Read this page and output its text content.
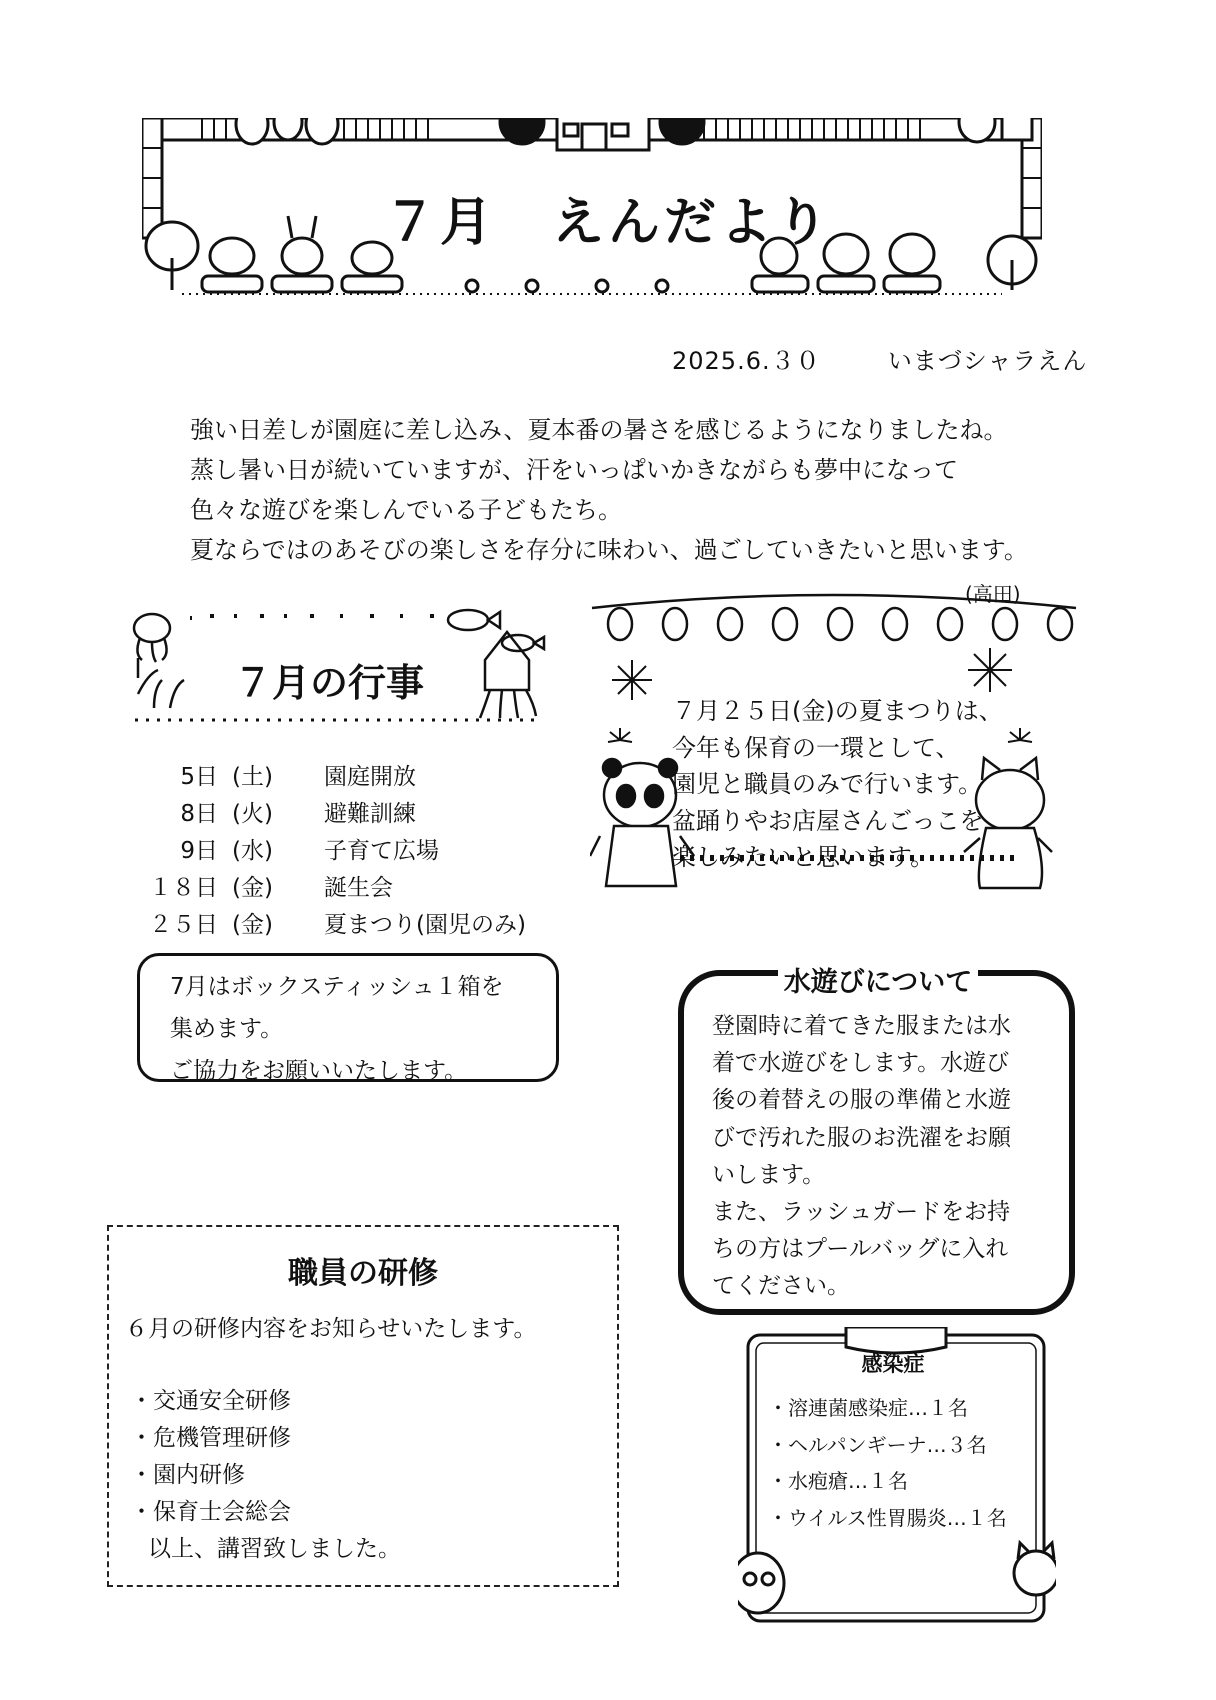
７月　えんだより
2025.6.３０　　	いまづシャラえん
強い日差しが園庭に差し込み、夏本番の暑さを感じるようになりましたね。
蒸し暑い日が続いていますが、汗をいっぱいかきながらも夢中になって
色々な遊びを楽しんでいる子どもたち。
夏ならではのあそびの楽しさを存分に味わい、過ごしていきたいと思います。
(高田)
７月の行事
5日 (土)	園庭開放
8日 (火)	避難訓練
9日 (水)	子育て広場
１８日 (金)	誕生会
２５日 (金)	夏まつり(園児のみ)
7月はボックスティッシュ１箱を
集めます。
ご協力をお願いいたします。
７月２５日(金)の夏まつりは、
今年も保育の一環として、
園児と職員のみで行います。
盆踊りやお店屋さんごっこを
楽しみたいと思います。
水遊びについて
登園時に着てきた服または水
着で水遊びをします。水遊び
後の着替えの服の準備と水遊
びで汚れた服のお洗濯をお願
いします。
また、ラッシュガードをお持
ちの方はプールバッグに入れ
てください。
職員の研修
６月の研修内容をお知らせいたします。
・交通安全研修
・危機管理研修
・園内研修
・保育士会総会
以上、講習致しました。
感染症
・溶連菌感染症…１名
・ヘルパンギーナ…３名
・水疱瘡…１名
・ウイルス性胃腸炎…１名
